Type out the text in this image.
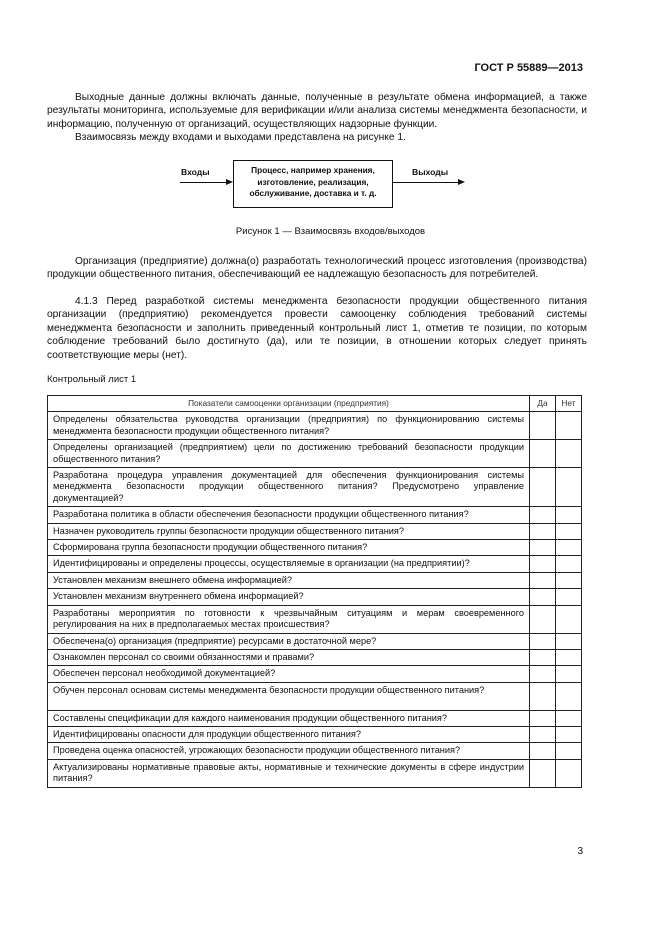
ГОСТ Р 55889—2013

Выходные данные должны включать данные, полученные в результате обмена информацией, а также результаты мониторинга, используемые для верификации и/или анализа системы менеджмента безопасности, и информацию, полученную от организаций, осуществляющих надзорные функции.

Взаимосвязь между входами и выходами представлена на рисунке 1.

Входы	Процесс, например хранения,
изготовление, реализация,
обслуживание, доставка и т. д.
Выходы
Рисунок 1 — Взаимосвязь входов/выходов

Организация (предприятие) должна(о) разработать технологический процесс изготовления (производства) продукции общественного питания, обеспечивающий ее надлежащую безопасность для потребителей.

4.1.3 Перед разработкой системы менеджмента безопасности продукции общественного питания организации (предприятию) рекомендуется провести самооценку соблюдения требований системы менеджмента безопасности и заполнить приведенный контрольный лист 1, отметив те позиции, по которым соблюдение требований было достигнуто (да), или те позиции, в отношении которых следует принять соответствующие меры (нет).

Контрольный лист 1
Показатели самооценки организации (предприятия)	Да	Нет
Определены обязательства руководства организации (предприятия) по функционированию системы менеджмента безопасности продукции общественного питания?		
Определены организацией (предприятием) цели по достижению требований безопасности продукции общественного питания?		
Разработана процедура управления документацией для обеспечения функционирования системы менеджмента безопасности продукции общественного питания? Предусмотрено управление документацией?		
Разработана политика в области обеспечения безопасности продукции общественного питания?		
Назначен руководитель группы безопасности продукции общественного питания?		
Сформирована группа безопасности продукции общественного питания?		
Идентифицированы и определены процессы, осуществляемые в организации (на предприятии)?		
Установлен механизм внешнего обмена информацией?		
Установлен механизм внутреннего обмена информацией?		
Разработаны мероприятия по готовности к чрезвычайным ситуациям и мерам своевременного регулирования на них в предполагаемых местах происшествия?		
Обеспечена(о) организация (предприятие) ресурсами в достаточной мере?		
Ознакомлен персонал со своими обязанностями и правами?		
Обеспечен персонал необходимой документацией?		
Обучен персонал основам системы менеджмента безопасности продукции общественного питания?		
Составлены спецификации для каждого наименования продукции общественного питания?		
Идентифицированы опасности для продукции общественного питания?		
Проведена оценка опасностей, угрожающих безопасности продукции общественного питания?		
Актуализированы нормативные правовые акты, нормативные и технические документы в сфере индустрии питания?		
3
